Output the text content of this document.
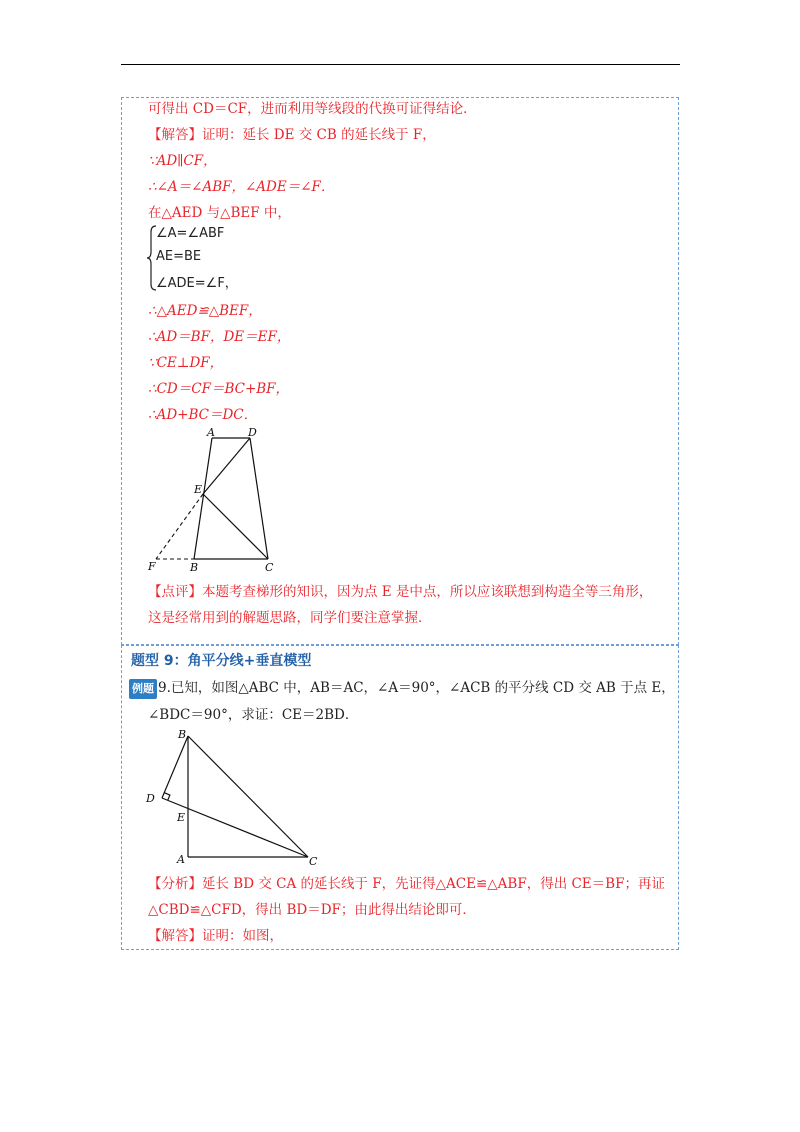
可得出 CD＝CF，进而利用等线段的代换可证得结论．
【解答】证明：延长 DE 交 CB 的延长线于 F，
∵AD∥CF，
∴∠A＝∠ABF，∠ADE＝∠F．
在△AED 与△BEF 中，
∠A=∠ABF
AE=BE
∠ADE=∠F，
∴△AED≌△BEF，
∴AD＝BF，DE＝EF，
∵CE⊥DF，
∴CD＝CF＝BC+BF，
∴AD+BC＝DC．
A	D
E
F	B	C
【点评】本题考查梯形的知识，因为点 E 是中点，所以应该联想到构造全等三角形，
这是经常用到的解题思路，同学们要注意掌握．
题型 9：角平分线+垂直模型
例题 9.已知，如图△ABC 中，AB＝AC，∠A＝90°，∠ACB 的平分线 CD 交 AB 于点 E，
∠BDC＝90°，求证：CE＝2BD．
B
D
E
A	C
【分析】延长 BD 交 CA 的延长线于 F，先证得△ACE≌△ABF，得出 CE＝BF；再证
△CBD≌△CFD，得出 BD＝DF；由此得出结论即可．
【解答】证明：如图，
